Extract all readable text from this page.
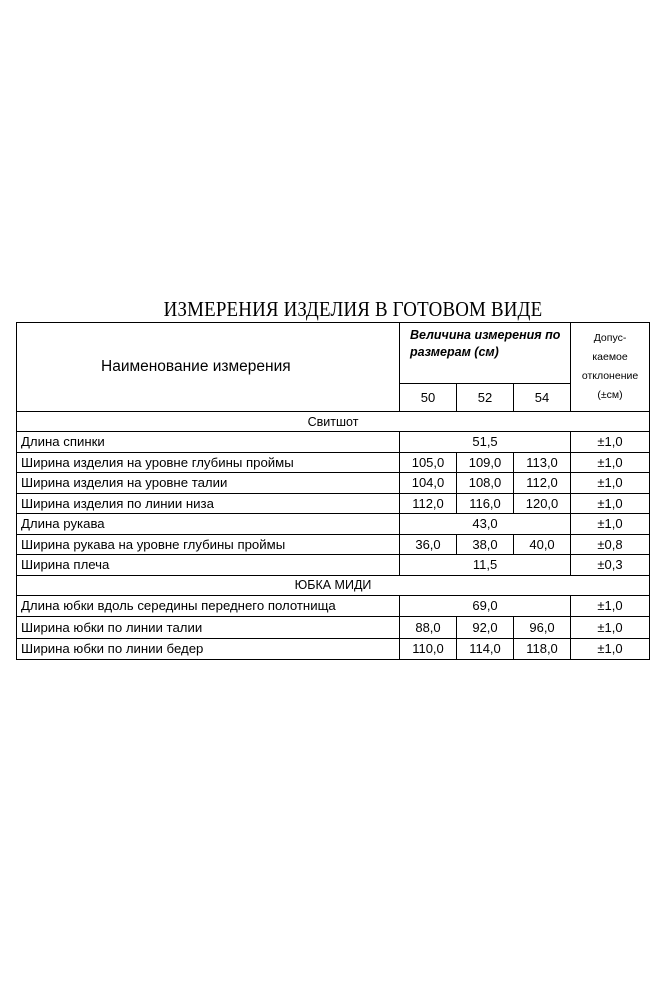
ИЗМЕРЕНИЯ ИЗДЕЛИЯ В ГОТОВОМ ВИДЕ
Наименование измерения	Величина измерения по размерам (см)			Допус-
каемое
отклонение
(±см)

	50	52	54	
Свитшот				
Длина спинки	51,5			±1,0
Ширина изделия на уровне глубины проймы	105,0	109,0	113,0	±1,0
Ширина изделия на уровне талии	104,0	108,0	112,0	±1,0
Ширина изделия по линии низа	112,0	116,0	120,0	±1,0
Длина рукава	43,0			±1,0
Ширина рукава на уровне глубины проймы	36,0	38,0	40,0	±0,8
Ширина плеча	11,5			±0,3
ЮБКА МИДИ				
Длина юбки вдоль середины переднего полотнища	69,0			±1,0
Ширина юбки по линии талии	88,0	92,0	96,0	±1,0
Ширина юбки по линии бедер	110,0	114,0	118,0	±1,0
